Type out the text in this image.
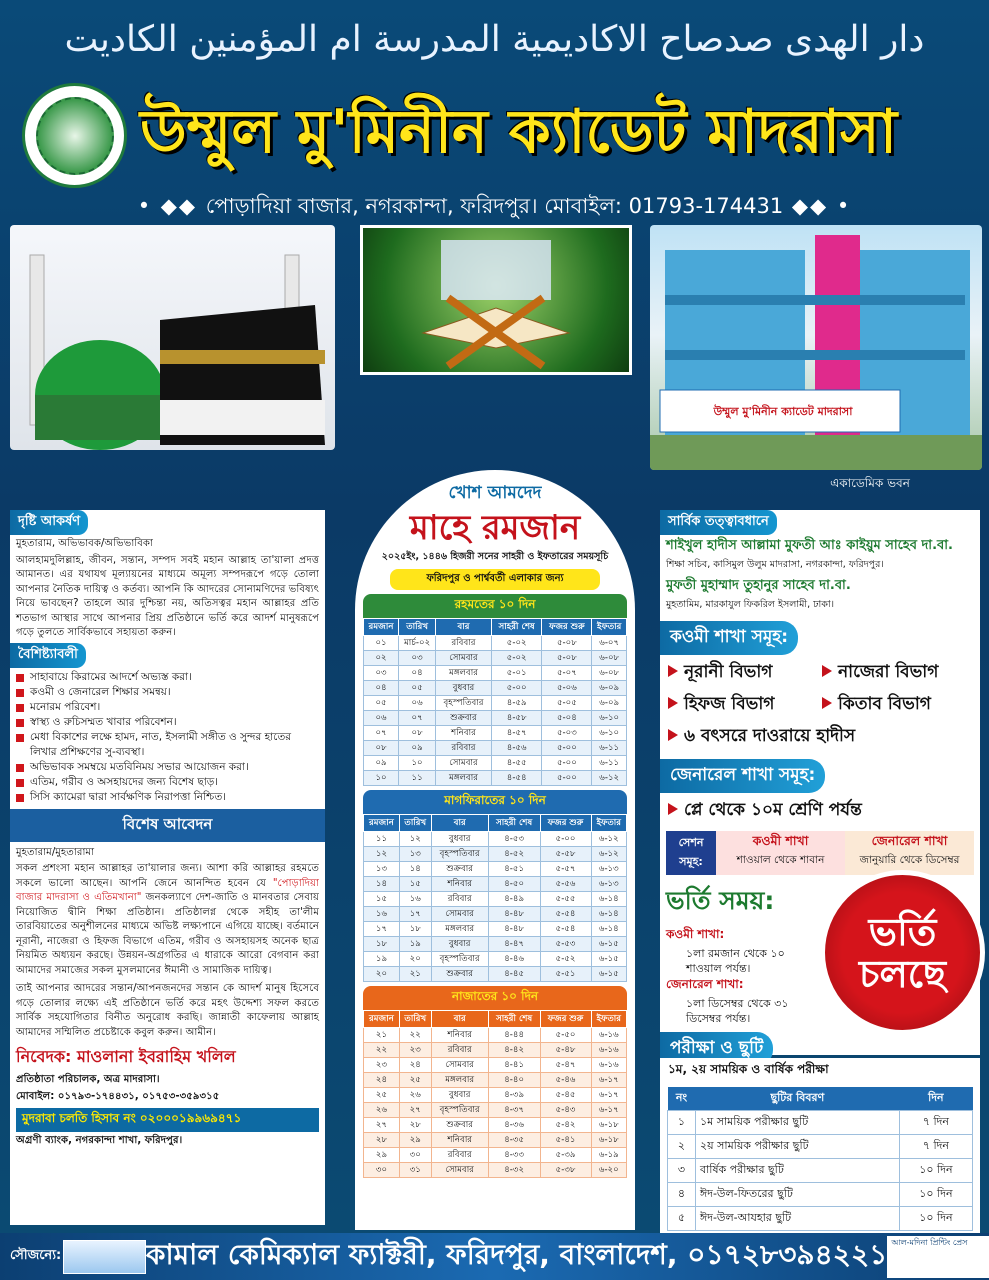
دار الهدى صدصاح الاكاديمية المدرسة ام المؤمنين الكاديت
উম্মুল মু'মিনীন ক্যাডেট মাদরাসা
• ◆◆ পোড়াদিয়া বাজার, নগরকান্দা, ফরিদপুর। মোবাইল: 01793-174431 ◆◆ •
উম্মুল মু'মিনীন ক্যাডেট মাদরাসা
একাডেমিক ভবন
দৃষ্টি আকর্ষণ
মুহতারাম, অভিভাবক/অভিভাবিকা
আলহামদুলিল্লাহ, জীবন, সন্তান, সম্পদ সবই মহান আল্লাহ তা'য়ালা প্রদত্ত আমানত। এর যথাযথ মূল্যায়নের মাধ্যমে অমূল্য সম্পদরূপে গড়ে তোলা আপনার নৈতিক দায়িত্ব ও কর্তব্য। আপনি কি আদরের সোনামণিদের ভবিষ্যৎ নিয়ে ভাবছেন? তাহলে আর দুশ্চিন্তা নয়, অতিসত্বর মহান আল্লাহর প্রতি শতভাগ আস্থার সাথে আপনার প্রিয় প্রতিষ্ঠানে ভর্তি করে আদর্শ মানুষরূপে গড়ে তুলতে সার্বিকভাবে সহায়তা করুন।
বৈশিষ্ট্যাবলী
সাহাবায়ে কিরামের আদর্শে অভ্যস্ত করা।
কওমী ও জেনারেল শিক্ষার সমন্বয়।
মনোরম পরিবেশ।
স্বাস্থ্য ও রুচিসম্মত খাবার পরিবেশন।
মেধা বিকাশের লক্ষে হামদ, নাত, ইসলামী সঙ্গীত ও সুন্দর হাতের লিখার প্রশিক্ষণের সু-ব্যবস্থা।
অভিভাবক সমম্বয়ে মতবিনিময় সভার আয়োজন করা।
এতিম, গরীব ও অসহায়দের জন্য বিশেষ ছাড়।
সিসি ক্যামেরা দ্বারা সার্বক্ষণিক নিরাপত্তা নিশ্চিত।
বিশেষ আবেদন
মুহতারাম/মুহতারামা
সকল প্রশংসা মহান আল্লাহর তা'য়ালার জন্য। আশা করি আল্লাহর রহমতে সকলে ভালো আছেন। আপনি জেনে আনন্দিত হবেন যে "পোড়াদিয়া বাজার মাদরাসা ও এতিমখানা" জনকল্যাণে দেশ-জাতি ও মানবতার সেবায় নিয়োজিত দ্বীনি শিক্ষা প্রতিষ্ঠান। প্রতিষ্ঠালগ্ন থেকে সহীহ তা'লীম তারবিয়াতের অনুশীলনের মাধ্যমে অভিষ্ট লক্ষ্যপানে এগিয়ে যাচ্ছে। বর্তমানে নূরানী, নাজেরা ও হিফজ বিভাগে এতিম, গরীব ও অসহায়সহ অনেক ছাত্র নিয়মিত অধ্যয়ন করছে। উন্নয়ন-অগ্রগতির এ ধারাকে আরো বেগবান করা আমাদের সমাজের সকল মুসলমানের ঈমানী ও সামাজিক দায়িত্ব।
তাই আপনার আদরের সন্তান/আপনজনদের সন্তান কে আদর্শ মানুষ হিসেবে গড়ে তোলার লক্ষ্যে এই প্রতিষ্ঠানে ভর্তি করে মহৎ উদ্দেশ্য সফল করতে সার্বিক সহযোগিতার বিনীত অনুরোধ করছি। জান্নাতী কাফেলায় আল্লাহ আমাদের সম্মিলিত প্রচেষ্টাকে কবুল করুন। আমীন।
নিবেদক: মাওলানা ইবরাহিম খলিল
প্রতিষ্ঠাতা পরিচালক, অত্র মাদরাসা।
মোবাইল: ০১৭৯৩-১৭৪৪৩১, ০১৭৫৩-৩৫৯৩১৫
মুদরাবা চলতি হিসাব নং ০২০০০১৯৯৬৯৪৭১
অগ্রণী ব্যাংক, নগরকান্দা শাখা, ফরিদপুর।
খোশ আমদেদ
মাহে রমজান
২০২৫ইং, ১৪৪৬ হিজরী সনের সাহরী ও ইফতারের সময়সূচি
ফরিদপুর ও পার্শ্ববর্তী এলাকার জন্য
রহমতের ১০ দিন
রমজান	তারিখ	বার	সাহরী শেষ	ফজর শুরু	ইফতার
০১	মার্চ-০২	রবিবার	৫-০২	৫-০৮	৬-০৭
০২	০৩	সোমবার	৫-০২	৫-০৮	৬-০৮
০৩	০৪	মঙ্গলবার	৫-০১	৫-০৭	৬-০৮
০৪	০৫	বুধবার	৫-০০	৫-০৬	৬-০৯
০৫	০৬	বৃহস্পতিবার	৪-৫৯	৫-০৫	৬-০৯
০৬	০৭	শুক্রবার	৪-৫৮	৫-০৪	৬-১০
০৭	০৮	শনিবার	৪-৫৭	৫-০৩	৬-১০
০৮	০৯	রবিবার	৪-৫৬	৫-০০	৬-১১
০৯	১০	সোমবার	৪-৫৫	৫-০০	৬-১১
১০	১১	মঙ্গলবার	৪-৫৪	৫-০০	৬-১২
মাগফিরাতের ১০ দিন
রমজান	তারিখ	বার	সাহরী শেষ	ফজর শুরু	ইফতার
১১	১২	বুধবার	৪-৫৩	৫-০০	৬-১২
১২	১৩	বৃহস্পতিবার	৪-৫২	৫-৫৮	৬-১২
১৩	১৪	শুক্রবার	৪-৫১	৫-৫৭	৬-১৩
১৪	১৫	শনিবার	৪-৫০	৫-৫৬	৬-১৩
১৫	১৬	রবিবার	৪-৪৯	৫-৫৫	৬-১৪
১৬	১৭	সোমবার	৪-৪৮	৫-৫৪	৬-১৪
১৭	১৮	মঙ্গলবার	৪-৪৮	৫-৫৪	৬-১৪
১৮	১৯	বুধবার	৪-৪৭	৫-৫৩	৬-১৫
১৯	২০	বৃহস্পতিবার	৪-৪৬	৫-৫২	৬-১৫
২০	২১	শুক্রবার	৪-৪৫	৫-৫১	৬-১৫
নাজাতের ১০ দিন
রমজান	তারিখ	বার	সাহরী শেষ	ফজর শুরু	ইফতার
২১	২২	শনিবার	৪-৪৪	৫-৫০	৬-১৬
২২	২৩	রবিবার	৪-৪২	৫-৪৮	৬-১৬
২৩	২৪	সোমবার	৪-৪১	৫-৪৭	৬-১৬
২৪	২৫	মঙ্গলবার	৪-৪০	৫-৪৬	৬-১৭
২৫	২৬	বুধবার	৪-৩৯	৫-৪৫	৬-১৭
২৬	২৭	বৃহস্পতিবার	৪-৩৭	৫-৪৩	৬-১৭
২৭	২৮	শুক্রবার	৪-৩৬	৫-৪২	৬-১৮
২৮	২৯	শনিবার	৪-৩৫	৫-৪১	৬-১৮
২৯	৩০	রবিবার	৪-৩৩	৫-৩৯	৬-১৯
৩০	৩১	সোমবার	৪-৩২	৫-৩৮	৬-২০
সার্বিক তত্ত্বাবধানে
শাইখুল হাদীস আল্লামা মুফতী আঃ কাইয়ুম সাহেব দা.বা.
শিক্ষা সচিব, কাসিমুল উলুম মাদরাসা, নগরকান্দা, ফরিদপুর।
মুফতী মুহাম্মাদ তুহানুর সাহেব দা.বা.
মুহতামিম, মারকাযুল ফিকরিল ইসলামী, ঢাকা।
কওমী শাখা সমূহ:
নূরানী বিভাগ	নাজেরা বিভাগ
হিফজ বিভাগ	কিতাব বিভাগ
৬ বৎসরে দাওরায়ে হাদীস
জেনারেল শাখা সমূহ:
প্লে থেকে ১০ম শ্রেণি পর্যন্ত
সেশন সমূহ:
কওমী শাখা
শাওয়াল থেকে শাবান
জেনারেল শাখা
জানুয়ারি থেকে ডিসেম্বর
ভর্তি সময়:
কওমী শাখা:
১লা রমজান থেকে ১০ শাওয়াল পর্যন্ত।
জেনারেল শাখা:
১লা ডিসেম্বর থেকে ৩১ ডিসেম্বর পর্যন্ত।
পরীক্ষা ও ছুটি
ভর্তি চলছে
১ম, ২য় সাময়িক ও বার্ষিক পরীক্ষা
নং	ছুটির বিবরণ	দিন
১	১ম সাময়িক পরীক্ষার ছুটি	৭ দিন
২	২য় সাময়িক পরীক্ষার ছুটি	৭ দিন
৩	বার্ষিক পরীক্ষার ছুটি	১০ দিন
৪	ঈদ-উল-ফিতরের ছুটি	১০ দিন
৫	ঈদ-উল-আযহার ছুটি	১০ দিন
সৌজন্যে:	কামাল কেমিক্যাল ফ্যাক্টরী, ফরিদপুর, বাংলাদেশ, ০১৭২৮৩৯৪২২১ আল-মদিনা প্রিন্টিং প্রেস
